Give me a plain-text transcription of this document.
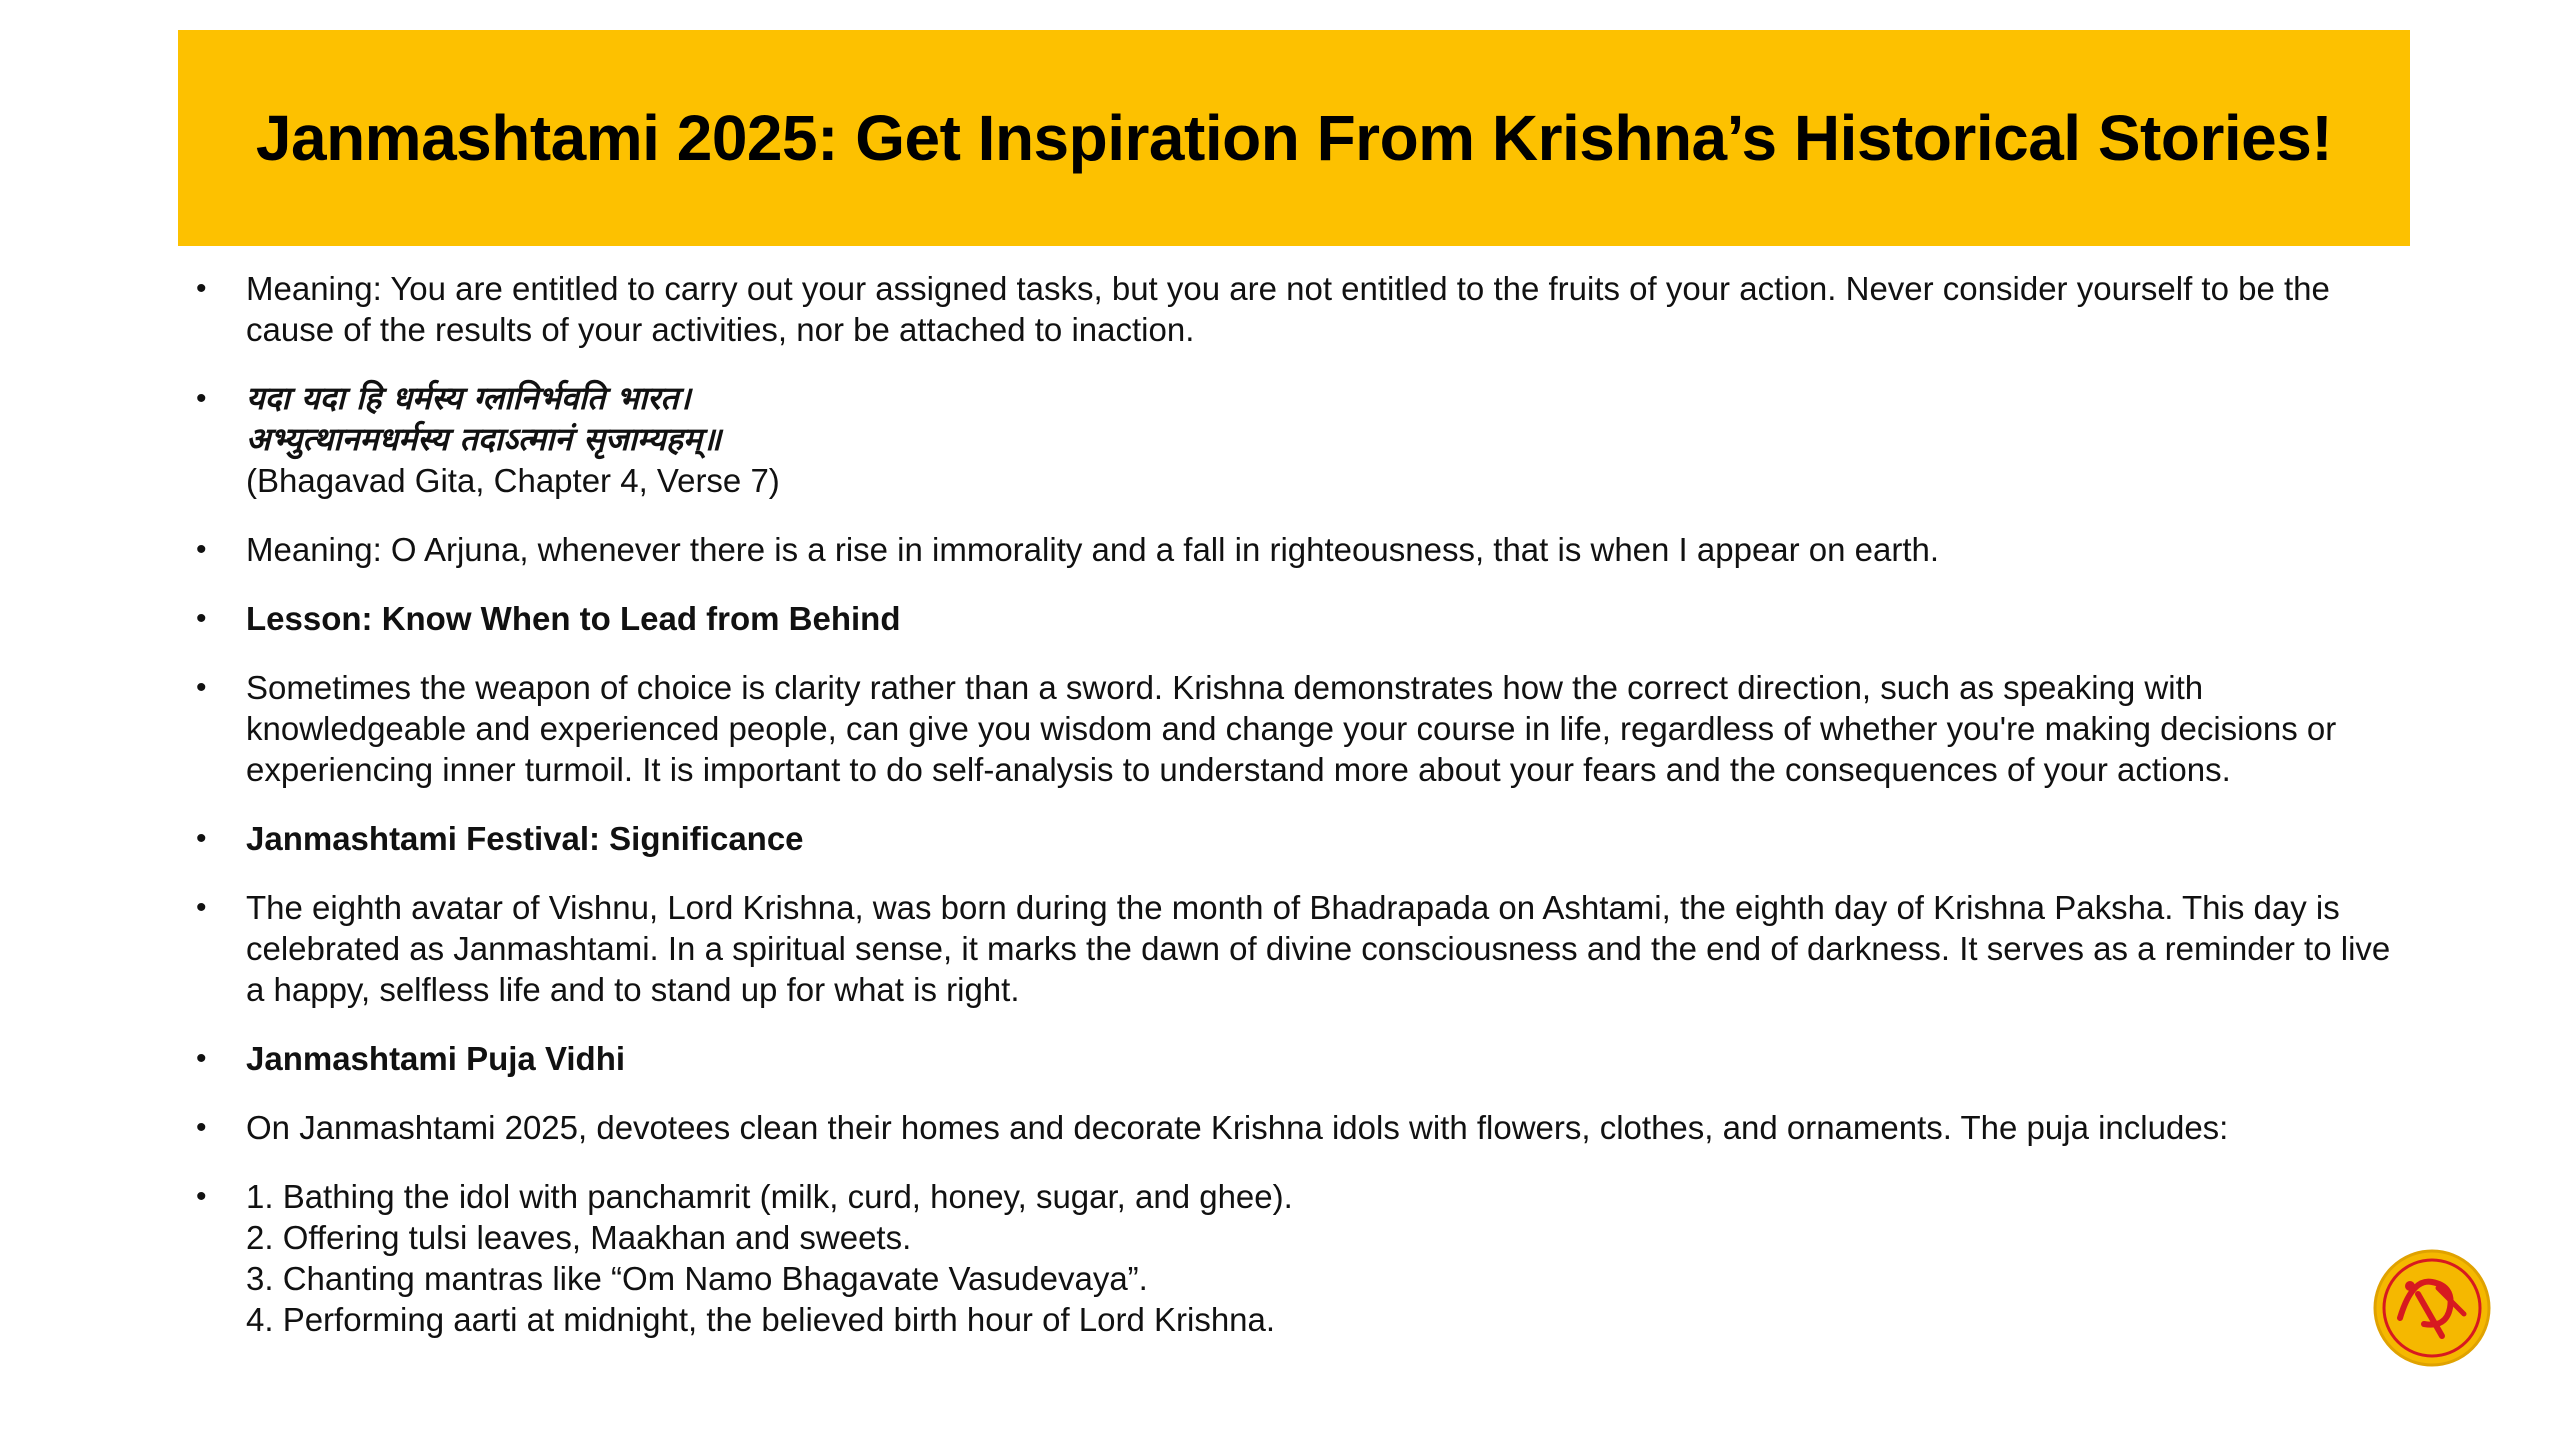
Janmashtami 2025: Get Inspiration From Krishna’s Historical Stories!
•	Meaning: You are entitled to carry out your assigned tasks, but you are not entitled to the fruits of your action. Never consider yourself to be the cause of the results of your activities, nor be attached to inaction.
•	यदा यदा हि धर्मस्य ग्लानिर्भवति भारत।
अभ्युत्थानमधर्मस्य तदाऽत्मानं सृजाम्यहम्॥
(Bhagavad Gita, Chapter 4, Verse 7)
•	Meaning: O Arjuna, whenever there is a rise in immorality and a fall in righteousness, that is when I appear on earth.
•	Lesson: Know When to Lead from Behind
•	Sometimes the weapon of choice is clarity rather than a sword. Krishna demonstrates how the correct direction, such as speaking with knowledgeable and experienced people, can give you wisdom and change your course in life, regardless of whether you're making decisions or experiencing inner turmoil. It is important to do self-analysis to understand more about your fears and the consequences of your actions.
•	Janmashtami Festival: Significance
•	The eighth avatar of Vishnu, Lord Krishna, was born during the month of Bhadrapada on Ashtami, the eighth day of Krishna Paksha. This day is celebrated as Janmashtami. In a spiritual sense, it marks the dawn of divine consciousness and the end of darkness. It serves as a reminder to live a happy, selfless life and to stand up for what is right.
•	Janmashtami Puja Vidhi
•	On Janmashtami 2025, devotees clean their homes and decorate Krishna idols with flowers, clothes, and ornaments. The puja includes:
•	1. Bathing the idol with panchamrit (milk, curd, honey, sugar, and ghee).
2. Offering tulsi leaves, Maakhan and sweets.
3. Chanting mantras like “Om Namo Bhagavate Vasudevaya”.
4. Performing aarti at midnight, the believed birth hour of Lord Krishna.
